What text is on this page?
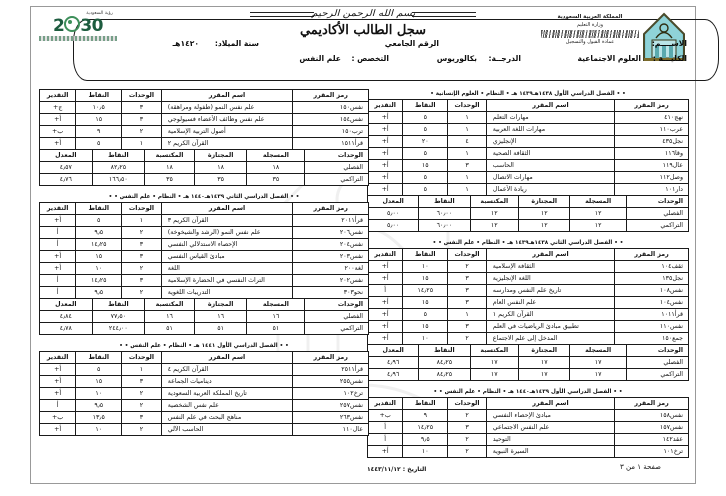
بسم الله الرحمن الرحيم	المملكة العربية السعودية
وزارة التعليم
عمادة القبول والتسجيل
رؤية السعودية
2 30	سجل الطالب الأكاديمي
الاســــم:
الرقم الجامعي
سنة الميلاد:
١٤٢٠هـ
الكليـــة :
العلوم الاجتماعية
الدرجــة:
بكالوريوس
التخصص :
علم النفس
• • الفصل الدراسي الأول ١٤٣٨هـ١٤٣٩ هـ • النظام • العلوم الإنسانية •
رمز المقرر	اسم المقرر	الوحدات	النقاط	التقدير
نهج٤١٠	مهارات التعلم	١	٥	أ+
عرب١١٠	مهارات اللغة العربية	١	٥	أ+
نجل٤٣٥	الإنجليزي	٤	٢٠	أ+
وقا١١٦	الثقافة الصحية	١	٥	أ+
عال١١٩	الحاسب	٣	١٥	أ+
وصل١١٢	مهارات الاتصال	١	٥	أ+
دار١٠١	ريادة الأعمال	١	٥	أ+
الوحدات	المسجلة	المجتازة	المكتسبة	النقاط	المعدل
الفصلي	١٢	١٢	١٢	٦٠٫٠٠	٥٫٠٠
التراكمي	١٢	١٢	١٢	٦٠٫٠٠	٥٫٠٠
• • الفصل الدراسي الثاني ١٤٣٨هـ١٤٣٩ هـ • النظام • علم النفس • •
رمز المقرر	اسم المقرر	الوحدات	النقاط	التقدير
ثقف١٠٤	الثقافة الإسلامية	٢	١٠	أ+
نجل١٣٥	اللغة الإنجليزية	٣	١٥	أ+
نفس١٠٨	تاريخ علم النفس ومدارسه	٣	١٤٫٢٥	أ
نفس١٠٤	علم النفس العام	٣	١٥	أ+
قرأ١٠١١	القرآن الكريم ١	١	٥	أ+
نفس١١٠	تطبيق مبادئ الرياضيات في العلم	٣	١٥	أ+
جمع١٥٠	المدخل إلى علم الاجتماع	٢	١٠	أ+
الوحدات	المسجلة	المجتازة	المكتسبة	النقاط	المعدل
الفصلي	١٧	١٧	١٧	٨٤٫٢٥	٤٫٩٦
التراكمي	١٧	١٧	١٧	٨٤٫٢٥	٤٫٩٦
• • الفصل الدراسي الأول ١٤٣٩هـ١٤٤٠ هـ • النظام • علم النفس • •
رمز المقرر	اسم المقرر	الوحدات	النقاط	التقدير
نفس١٥٨	مبادئ الإحصاء النفسي	٢	٩	ب+
نفس١٥٧	علم النفس الاجتماعي	٣	١٤٫٢٥	أ
عقد١٤٢	التوحيد	٢	٩٫٥	أ
ترخ١٠١	السيرة النبوية	٢	١٠	أ+
التاريخ : ١٤٤٣/١١/١٢
رمز المقرر	اسم المقرر	الوحدات	النقاط	التقدير
نفس١٥٠	علم نفس النمو (طفولة ومراهقة)	٣	١٠٫٥	ج+
نفس١٥٤	علم نفس وظائف الأعضاء فسيولوجي	٣	١٥	أ+
ترب١٥٠	أصول التربية الإسلامية	٢	٩	ب+
قرأ١٥١١	القرآن الكريم ٢	١	٥	أ+
الوحدات	المسجلة	المجتازة	المكتسبة	النقاط	المعدل
الفصلي	١٨	١٨	١٨	٨٢٫٢٥	٤٫٥٧
التراكمي	٣٥	٣٥	٣٥	١٦٦٫٥٠	٤٫٧٦
• • الفصل الدراسي الثاني ١٤٣٩هـ١٤٤٠ هـ • النظام • علم النفس • •
رمز المقرر	اسم المقرر	الوحدات	النقاط	التقدير
قرأ٢٠١١	القرآن الكريم ٣	١	٥	أ+
نفس٢٠٦	علم نفس النمو (الرشد والشيخوخة)	٢	٩٫٥	أ
نفس٢٠٤	الإحصاء الاستدلالي النفسي	٣	١٤٫٢٥	أ
نفس٢٠٣	مبادئ القياس النفسي	٣	١٥	أ+
لغة٢٠٠	اللغة	٢	١٠	أ+
نفس٢٠٢	التراث النفسي في الحضارة الإسلامية	٣	١٤٫٢٥	أ
نحو٣٠٣	التدريبات اللغوية	٢	٩٫٥	أ
الوحدات	المسجلة	المجتازة	المكتسبة	النقاط	المعدل
الفصلي	١٦	١٦	١٦	٧٧٫٥٠	٤٫٨٤
التراكمي	٥١	٥١	٥١	٢٤٤٫٠٠	٤٫٧٨
• • الفصل الدراسي الأول ١٤٤١ هـ • النظام • علم النفس • •
رمز المقرر	اسم المقرر	الوحدات	النقاط	التقدير
قرأ٢٥١١	القرآن الكريم ٤	١	٥	أ+
نفس٢٥٥	ديناميات الجماعة	٣	١٥	أ+
ترخ١٠٢	تاريخ المملكة العربية السعودية	٢	١٠	أ+
نفس٢٥٧	علم نفس الشخصية	٢	٩٫٥	أ
نفس٢٦٣	مناهج البحث في علم النفس	٣	١٣٫٥	ب+
عال١١٠	الحاسب الآلي	٢	١٠	أ+
صفحة ١ من ٣
